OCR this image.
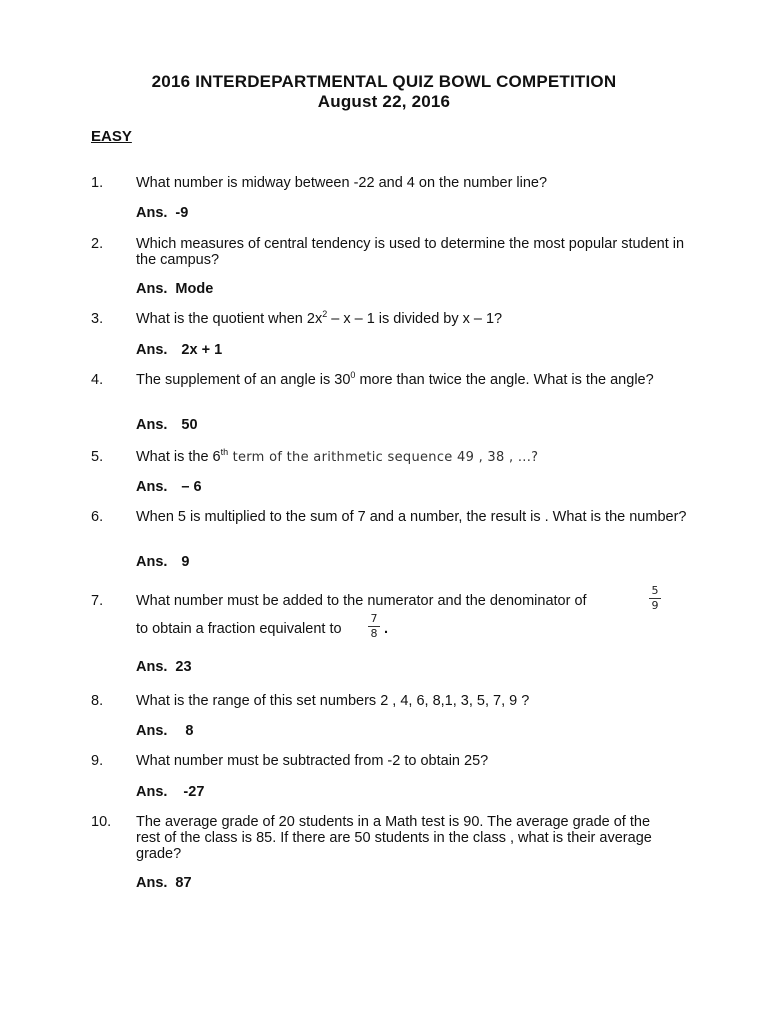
2016 INTERDEPARTMENTAL QUIZ BOWL COMPETITION
August 22, 2016
EASY
1. What number is midway between -22 and 4 on the number line?
Ans. -9
2. Which measures of central tendency is used to determine the most popular student in the campus?
Ans. Mode
3. What is the quotient when $2x^2$ – x – 1 is divided by x – 1?
Ans. 2x + 1
4. The supplement of an angle is $30^0$ more than twice the angle. What is the angle?
Ans. 50
5. What is the 6th term of the arithmetic sequence 49 , 38 , ...?
Ans. – 6
6. When 5 is multiplied to the sum of 7 and a number, the result is . What is the number?
Ans. 9
7. What number must be added to the numerator and the denominator of
5
9
to obtain a fraction equivalent to
7
8 .
Ans. 23
8. What is the range of this set numbers 2 , 4, 6, 8,1, 3, 5, 7, 9 ?
Ans. 8
9. What number must be subtracted from -2 to obtain 25?
Ans. -27
10. The average grade of 20 students in a Math test is 90. The average grade of the rest of the class is 85. If there are 50 students in the class , what is their average grade?
Ans. 87
